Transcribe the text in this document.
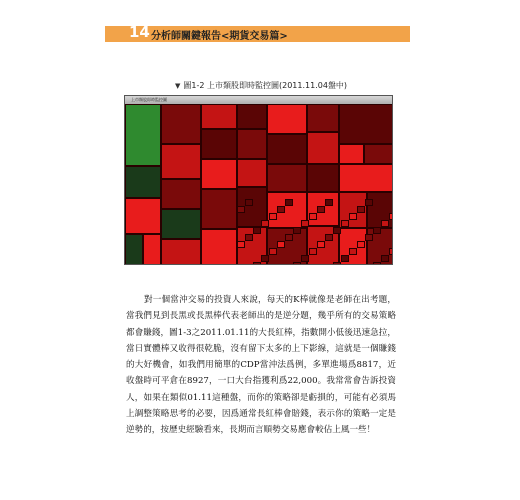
14 分析師關鍵報告<期貨交易篇>
▼ 圖1-2 上市類股即時監控圖(2011.11.04盤中)
上市類股即時監控圖

對一個當沖交易的投資人來說，每天的K棒就像是老師在出考題，當我們見到長黑或長黑棒代表老師出的是逆分題，幾乎所有的交易策略都會賺錢，圖1-3之2011.01.11的大長紅棒，指數開小低後迅速急拉，當日實體棒又收得很乾脆，沒有留下太多的上下影線，這就是一個賺錢的大好機會，如我們用簡單的CDP當沖法爲例，多單進場爲8817，近收盤時可平倉在8927，一口大台指獲利爲22,000。我常常會告訴投資人，如果在類似01.11這種盤，而你的策略卻是虧損的，可能有必須馬上調整策略思考的必要，因爲通常長紅棒會賠錢，表示你的策略一定是逆勢的，按歷史經驗看來，長期而言順勢交易應會較佔上風一些！
